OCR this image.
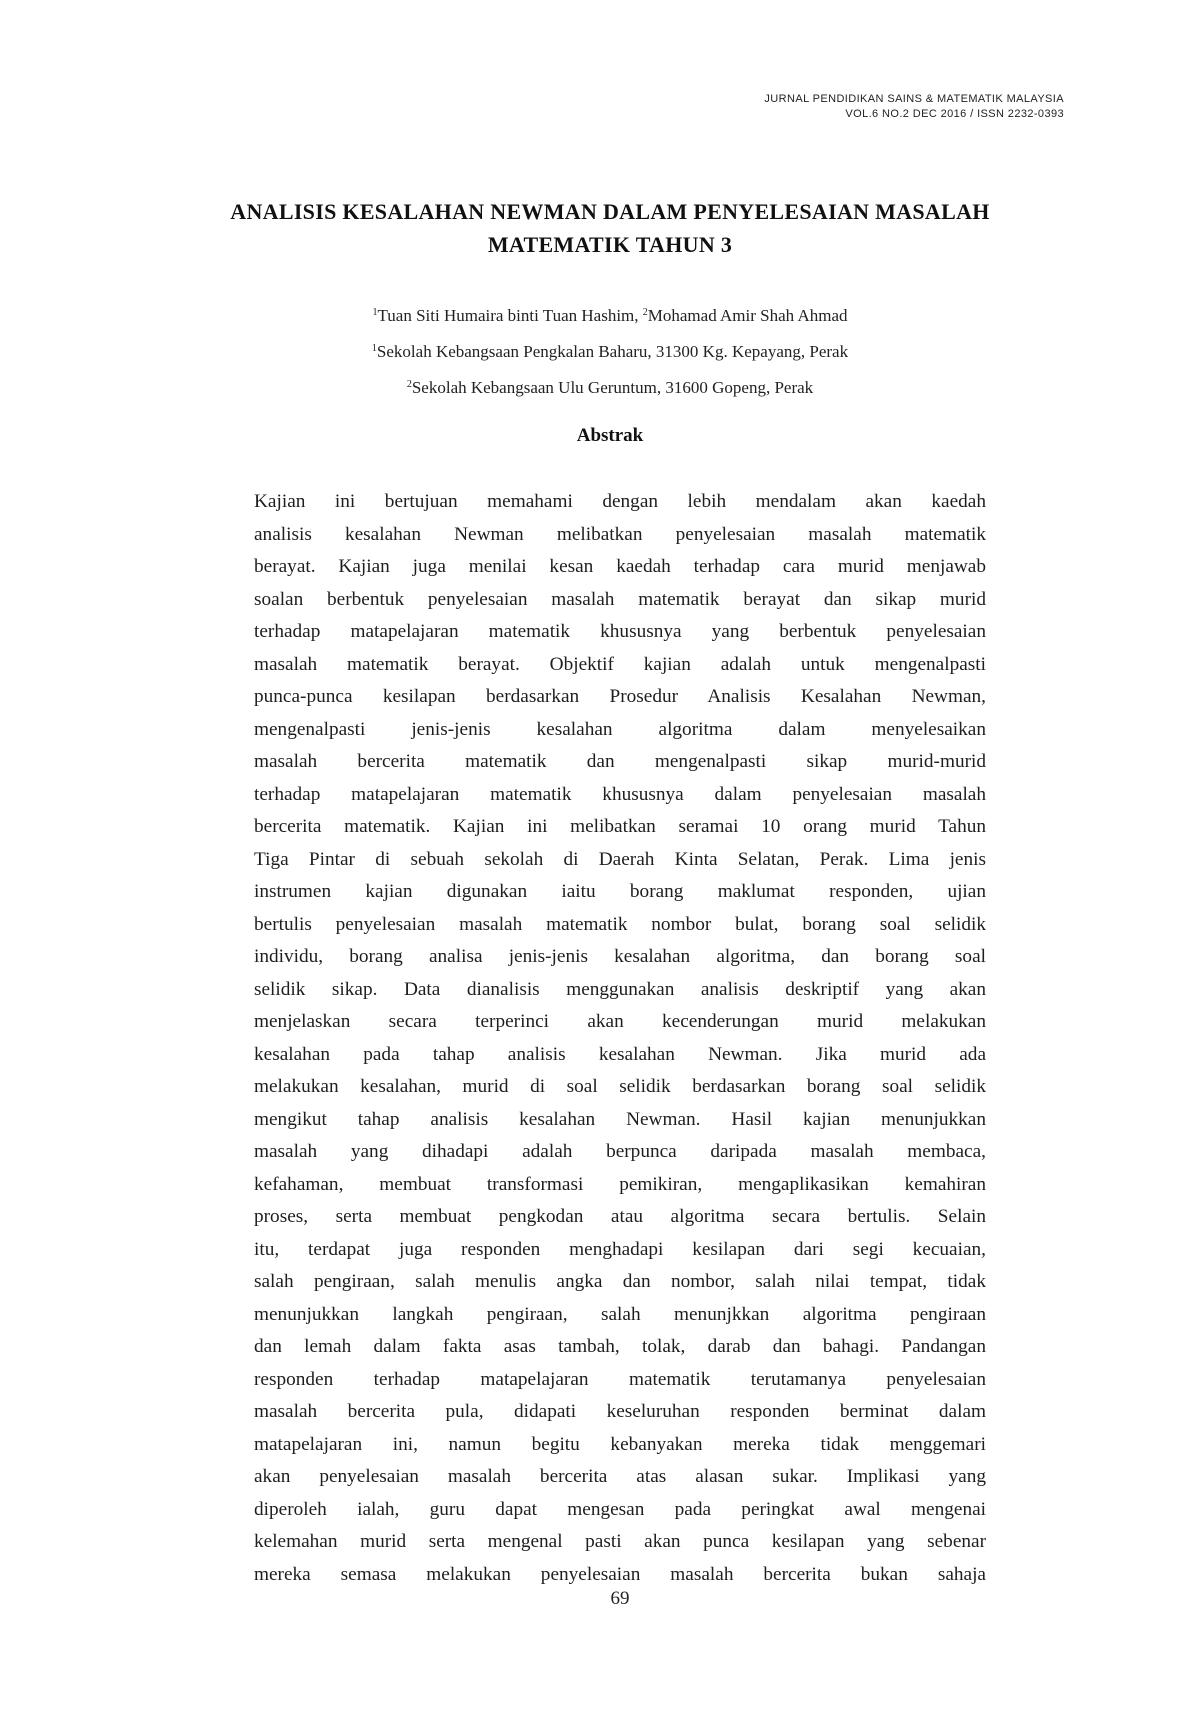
JURNAL PENDIDIKAN SAINS & MATEMATIK MALAYSIA
VOL.6 NO.2 DEC 2016 / ISSN 2232-0393
ANALISIS KESALAHAN NEWMAN DALAM PENYELESAIAN MASALAH
MATEMATIK TAHUN 3
$^1$Tuan Siti Humaira binti Tuan Hashim, $^2$Mohamad Amir Shah Ahmad
$^1$Sekolah Kebangsaan Pengkalan Baharu, 31300 Kg. Kepayang, Perak
$^2$Sekolah Kebangsaan Ulu Geruntum, 31600 Gopeng, Perak
Abstrak
Kajian ini bertujuan memahami dengan lebih mendalam akan kaedah
analisis kesalahan Newman melibatkan penyelesaian masalah matematik
berayat. Kajian juga menilai kesan kaedah terhadap cara murid menjawab
soalan berbentuk penyelesaian masalah matematik berayat dan sikap murid
terhadap matapelajaran matematik khususnya yang berbentuk penyelesaian
masalah matematik berayat. Objektif kajian adalah untuk mengenalpasti
punca-punca kesilapan berdasarkan Prosedur Analisis Kesalahan Newman,
mengenalpasti jenis-jenis kesalahan algoritma dalam menyelesaikan
masalah bercerita matematik dan mengenalpasti sikap murid-murid
terhadap matapelajaran matematik khususnya dalam penyelesaian masalah
bercerita matematik. Kajian ini melibatkan seramai 10 orang murid Tahun
Tiga Pintar di sebuah sekolah di Daerah Kinta Selatan, Perak. Lima jenis
instrumen kajian digunakan iaitu borang maklumat responden, ujian
bertulis penyelesaian masalah matematik nombor bulat, borang soal selidik
individu, borang analisa jenis-jenis kesalahan algoritma, dan borang soal
selidik sikap. Data dianalisis menggunakan analisis deskriptif yang akan
menjelaskan secara terperinci akan kecenderungan murid melakukan
kesalahan pada tahap analisis kesalahan Newman. Jika murid ada
melakukan kesalahan, murid di soal selidik berdasarkan borang soal selidik
mengikut tahap analisis kesalahan Newman. Hasil kajian menunjukkan
masalah yang dihadapi adalah berpunca daripada masalah membaca,
kefahaman, membuat transformasi pemikiran, mengaplikasikan kemahiran
proses, serta membuat pengkodan atau algoritma secara bertulis. Selain
itu, terdapat juga responden menghadapi kesilapan dari segi kecuaian,
salah pengiraan, salah menulis angka dan nombor, salah nilai tempat, tidak
menunjukkan langkah pengiraan, salah menunjkkan algoritma pengiraan
dan lemah dalam fakta asas tambah, tolak, darab dan bahagi. Pandangan
responden terhadap matapelajaran matematik terutamanya penyelesaian
masalah bercerita pula, didapati keseluruhan responden berminat dalam
matapelajaran ini, namun begitu kebanyakan mereka tidak menggemari
akan penyelesaian masalah bercerita atas alasan sukar. Implikasi yang
diperoleh ialah, guru dapat mengesan pada peringkat awal mengenai
kelemahan murid serta mengenal pasti akan punca kesilapan yang sebenar
mereka semasa melakukan penyelesaian masalah bercerita bukan sahaja
69
